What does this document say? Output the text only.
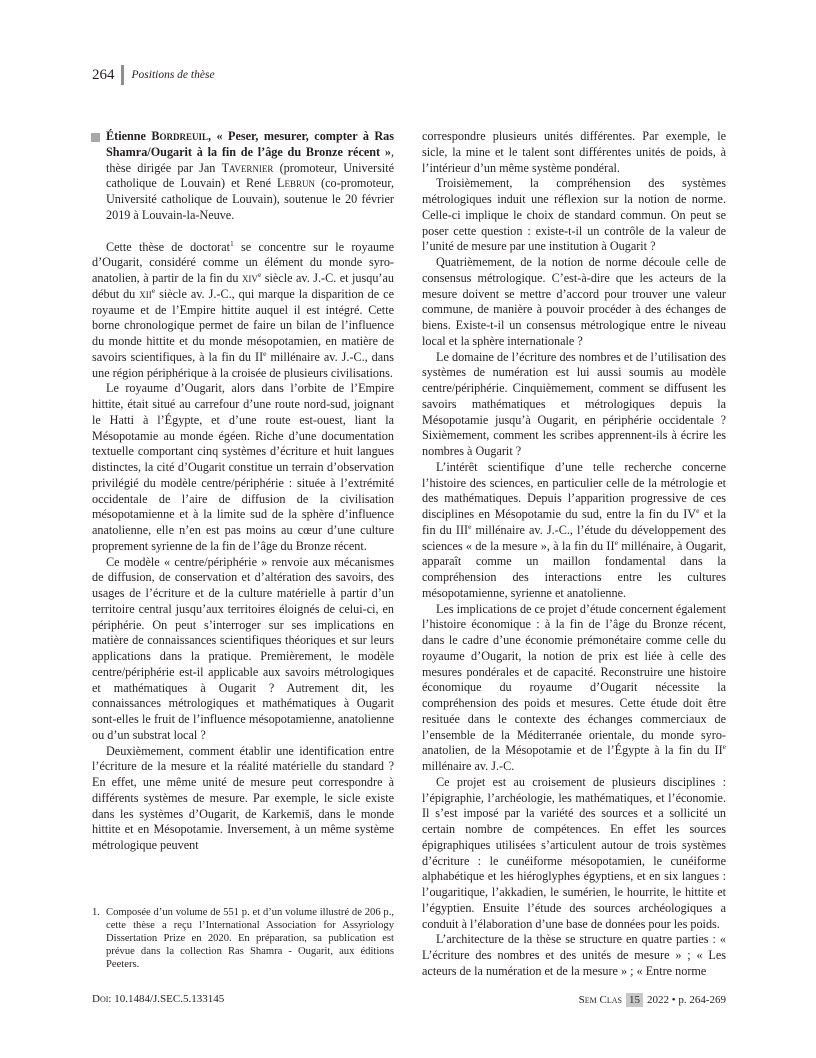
264 Positions de thèse
Étienne Bordreuil, « Peser, mesurer, compter à Ras Shamra/Ougarit à la fin de l’âge du Bronze récent », thèse dirigée par Jan Tavernier (promoteur, Université catholique de Louvain) et René Lebrun (co-promoteur, Université catholique de Louvain), soutenue le 20 février 2019 à Louvain-la-Neuve.

Cette thèse de doctorat$^1$ se concentre sur le royaume d’Ougarit, considéré comme un élément du monde syro-anatolien, à partir de la fin du xiv$^e$ siècle av. J.-C. et jusqu’au début du xii$^e$ siècle av. J.-C., qui marque la disparition de ce royaume et de l’Empire hittite auquel il est intégré. Cette borne chronologique permet de faire un bilan de l’influence du monde hittite et du monde mésopotamien, en matière de savoirs scientifiques, à la fin du IIe millénaire av. J.-C., dans une région périphérique à la croisée de plusieurs civilisations.

Le royaume d’Ougarit, alors dans l’orbite de l’Empire hittite, était situé au carrefour d’une route nord-sud, joignant le Hatti à l’Égypte, et d’une route est-ouest, liant la Mésopotamie au monde égéen. Riche d’une documentation textuelle comportant cinq systèmes d’écriture et huit langues distinctes, la cité d’Ougarit constitue un terrain d’observation privilégié du modèle centre/périphérie : située à l’extrémité occidentale de l’aire de diffusion de la civilisation mésopotamienne et à la limite sud de la sphère d’influence anatolienne, elle n’en est pas moins au cœur d’une culture proprement syrienne de la fin de l’âge du Bronze récent.

Ce modèle « centre/périphérie » renvoie aux mécanismes de diffusion, de conservation et d’altération des savoirs, des usages de l’écriture et de la culture matérielle à partir d’un territoire central jusqu’aux territoires éloignés de celui-ci, en périphérie. On peut s’interroger sur ses implications en matière de connaissances scientifiques théoriques et sur leurs applications dans la pratique. Premièrement, le modèle centre/périphérie est-il applicable aux savoirs métrologiques et mathématiques à Ougarit ? Autrement dit, les connaissances métrologiques et mathématiques à Ougarit sont-elles le fruit de l’influence mésopotamienne, anatolienne ou d’un substrat local ?

Deuxièmement, comment établir une identification entre l’écriture de la mesure et la réalité matérielle du standard ? En effet, une même unité de mesure peut correspondre à différents systèmes de mesure. Par exemple, le sicle existe dans les systèmes d’Ougarit, de Karkemiš, dans le monde hittite et en Mésopotamie. Inversement, à un même système métrologique peuvent

1. Composée d’un volume de 551 p. et d’un volume illustré de 206 p., cette thèse a reçu l’International Association for Assyriology Dissertation Prize en 2020. En préparation, sa publication est prévue dans la collection Ras Shamra - Ougarit, aux éditions Peeters.

correspondre plusieurs unités différentes. Par exemple, le sicle, la mine et le talent sont différentes unités de poids, à l’intérieur d’un même système pondéral.

Troisièmement, la compréhension des systèmes métrologiques induit une réflexion sur la notion de norme. Celle-ci implique le choix de standard commun. On peut se poser cette question : existe-t-il un contrôle de la valeur de l’unité de mesure par une institution à Ougarit ?

Quatrièmement, de la notion de norme découle celle de consensus métrologique. C’est-à-dire que les acteurs de la mesure doivent se mettre d’accord pour trouver une valeur commune, de manière à pouvoir procéder à des échanges de biens. Existe-t-il un consensus métrologique entre le niveau local et la sphère internationale ?

Le domaine de l’écriture des nombres et de l’utilisation des systèmes de numération est lui aussi soumis au modèle centre/périphérie. Cinquièmement, comment se diffusent les savoirs mathématiques et métrologiques depuis la Mésopotamie jusqu’à Ougarit, en périphérie occidentale ? Sixièmement, comment les scribes apprennent-ils à écrire les nombres à Ougarit ?

L’intérêt scientifique d’une telle recherche concerne l’histoire des sciences, en particulier celle de la métrologie et des mathématiques. Depuis l’apparition progressive de ces disciplines en Mésopotamie du sud, entre la fin du IVe et la fin du IIIe millénaire av. J.-C., l’étude du développement des sciences « de la mesure », à la fin du IIe millénaire, à Ougarit, apparaît comme un maillon fondamental dans la compréhension des interactions entre les cultures mésopotamienne, syrienne et anatolienne.

Les implications de ce projet d’étude concernent également l’histoire économique : à la fin de l’âge du Bronze récent, dans le cadre d’une économie prémonétaire comme celle du royaume d’Ougarit, la notion de prix est liée à celle des mesures pondérales et de capacité. Reconstruire une histoire économique du royaume d’Ougarit nécessite la compréhension des poids et mesures. Cette étude doit être resituée dans le contexte des échanges commerciaux de l’ensemble de la Méditerranée orientale, du monde syro-anatolien, de la Mésopotamie et de l’Égypte à la fin du IIe millénaire av. J.-C.

Ce projet est au croisement de plusieurs disciplines : l’épigraphie, l’archéologie, les mathématiques, et l’économie. Il s’est imposé par la variété des sources et a sollicité un certain nombre de compétences. En effet les sources épigraphiques utilisées s’articulent autour de trois systèmes d’écriture : le cunéiforme mésopotamien, le cunéiforme alphabétique et les hiéroglyphes égyptiens, et en six langues : l’ougaritique, l’akkadien, le sumérien, le hourrite, le hittite et l’égyptien. Ensuite l’étude des sources archéologiques a conduit à l’élaboration d’une base de données pour les poids.

L’architecture de la thèse se structure en quatre parties : « L’écriture des nombres et des unités de mesure » ; « Les acteurs de la numération et de la mesure » ; « Entre norme

Doi: 10.1484/J.SEC.5.133145	Sem Clas 15 2022 • p. 264-269
